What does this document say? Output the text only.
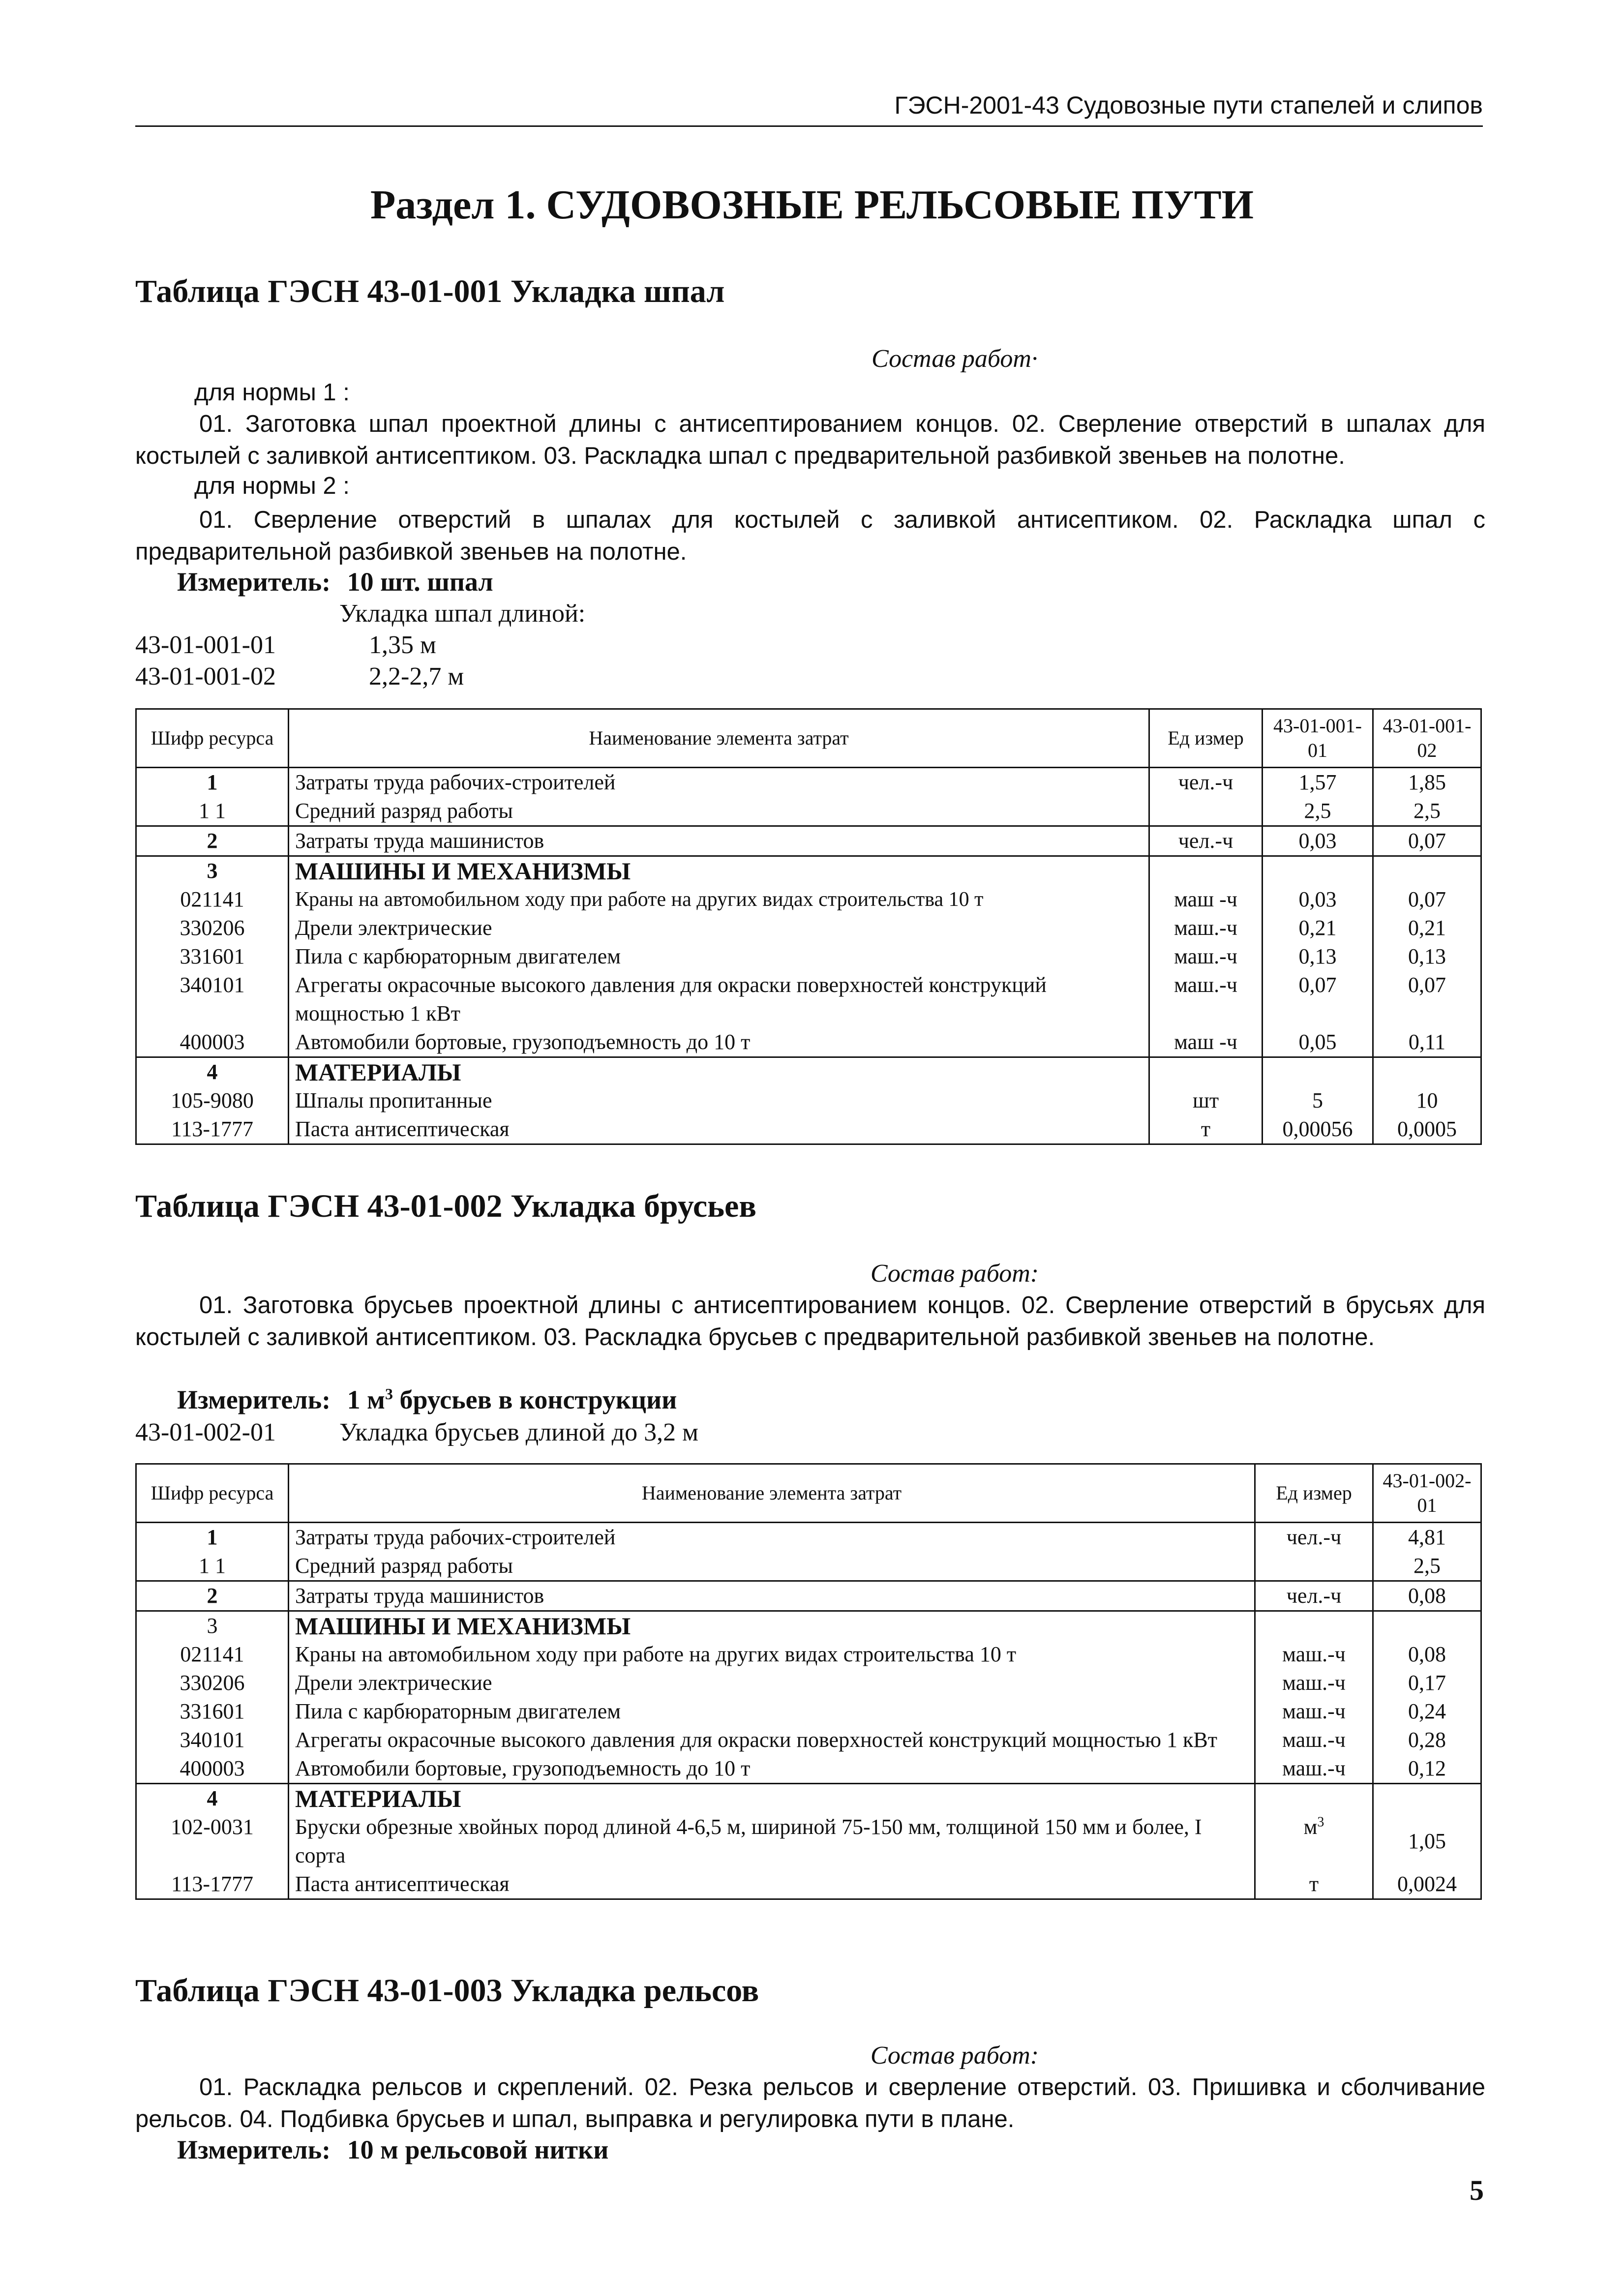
ГЭСН-2001-43 Судовозные пути стапелей и слипов
Раздел 1. СУДОВОЗНЫЕ РЕЛЬСОВЫЕ ПУТИ
Таблица ГЭСН 43-01-001 Укладка шпал
Состав работ·
для нормы 1 :
01. Заготовка шпал проектной длины с антисептированием концов. 02. Сверление отверстий в шпалах для костылей с заливкой антисептиком. 03. Раскладка шпал с предварительной разбивкой звеньев на полотне.
для нормы 2 :
01. Сверление отверстий в шпалах для костылей с заливкой антисептиком. 02. Раскладка шпал с предварительной разбивкой звеньев на полотне.
Измеритель: 10 шт. шпал
Укладка шпал длиной:
43-01-001-01	1,35 м
43-01-001-02	2,2-2,7 м
Шифр ресурса	Наименование элемента затрат	Ед измер	43-01-001-01	43-01-001-02
1	Затраты труда рабочих-строителей	чел.-ч	1,57	1,85
1 1	Средний разряд работы		2,5	2,5
2	Затраты труда машинистов	чел.-ч	0,03	0,07
3	МАШИНЫ И МЕХАНИЗМЫ			
021141	Краны на автомобильном ходу при работе на других видах строительства 10 т	маш -ч	0,03	0,07
330206	Дрели электрические	маш.-ч	0,21	0,21
331601	Пила с карбюраторным двигателем	маш.-ч	0,13	0,13
340101	Агрегаты окрасочные высокого давления для окраски поверхностей конструкций мощностью 1 кВт	маш.-ч	0,07	0,07
400003	Автомобили бортовые, грузоподъемность до 10 т	маш -ч	0,05	0,11
4	МАТЕРИАЛЫ			
105-9080	Шпалы пропитанные	шт	5	10
113-1777	Паста антисептическая	т	0,00056	0,0005
Таблица ГЭСН 43-01-002 Укладка брусьев
Состав работ:
01. Заготовка брусьев проектной длины с антисептированием концов. 02. Сверление отверстий в брусьях для костылей с заливкой антисептиком. 03. Раскладка брусьев с предварительной разбивкой звеньев на полотне.
Измеритель: 1 $м^3$ брусьев в конструкции
43-01-002-01 Укладка брусьев длиной до 3,2 м
Шифр ресурса	Наименование элемента затрат	Ед измер	43-01-002-01
1	Затраты труда рабочих-строителей	чел.-ч	4,81
1 1	Средний разряд работы		2,5
2	Затраты труда машинистов	чел.-ч	0,08
3	МАШИНЫ И МЕХАНИЗМЫ		
021141	Краны на автомобильном ходу при работе на других видах строительства 10 т	маш.-ч	0,08
330206	Дрели электрические	маш.-ч	0,17
331601	Пила с карбюраторным двигателем	маш.-ч	0,24
340101	Агрегаты окрасочные высокого давления для окраски поверхностей конструкций мощностью 1 кВт	маш.-ч	0,28
400003	Автомобили бортовые, грузоподъемность до 10 т	маш.-ч	0,12
4	МАТЕРИАЛЫ		
102-0031	Бруски обрезные хвойных пород длиной 4-6,5 м, шириной 75-150 мм, толщиной 150 мм и более, I сорта	$м^3$	1,05
113-1777	Паста антисептическая	т	0,0024
Таблица ГЭСН 43-01-003 Укладка рельсов
Состав работ:
01. Раскладка рельсов и скреплений. 02. Резка рельсов и сверление отверстий. 03. Пришивка и сболчивание рельсов. 04. Подбивка брусьев и шпал, выправка и регулировка пути в плане.
Измеритель: 10 м рельсовой нитки
5
